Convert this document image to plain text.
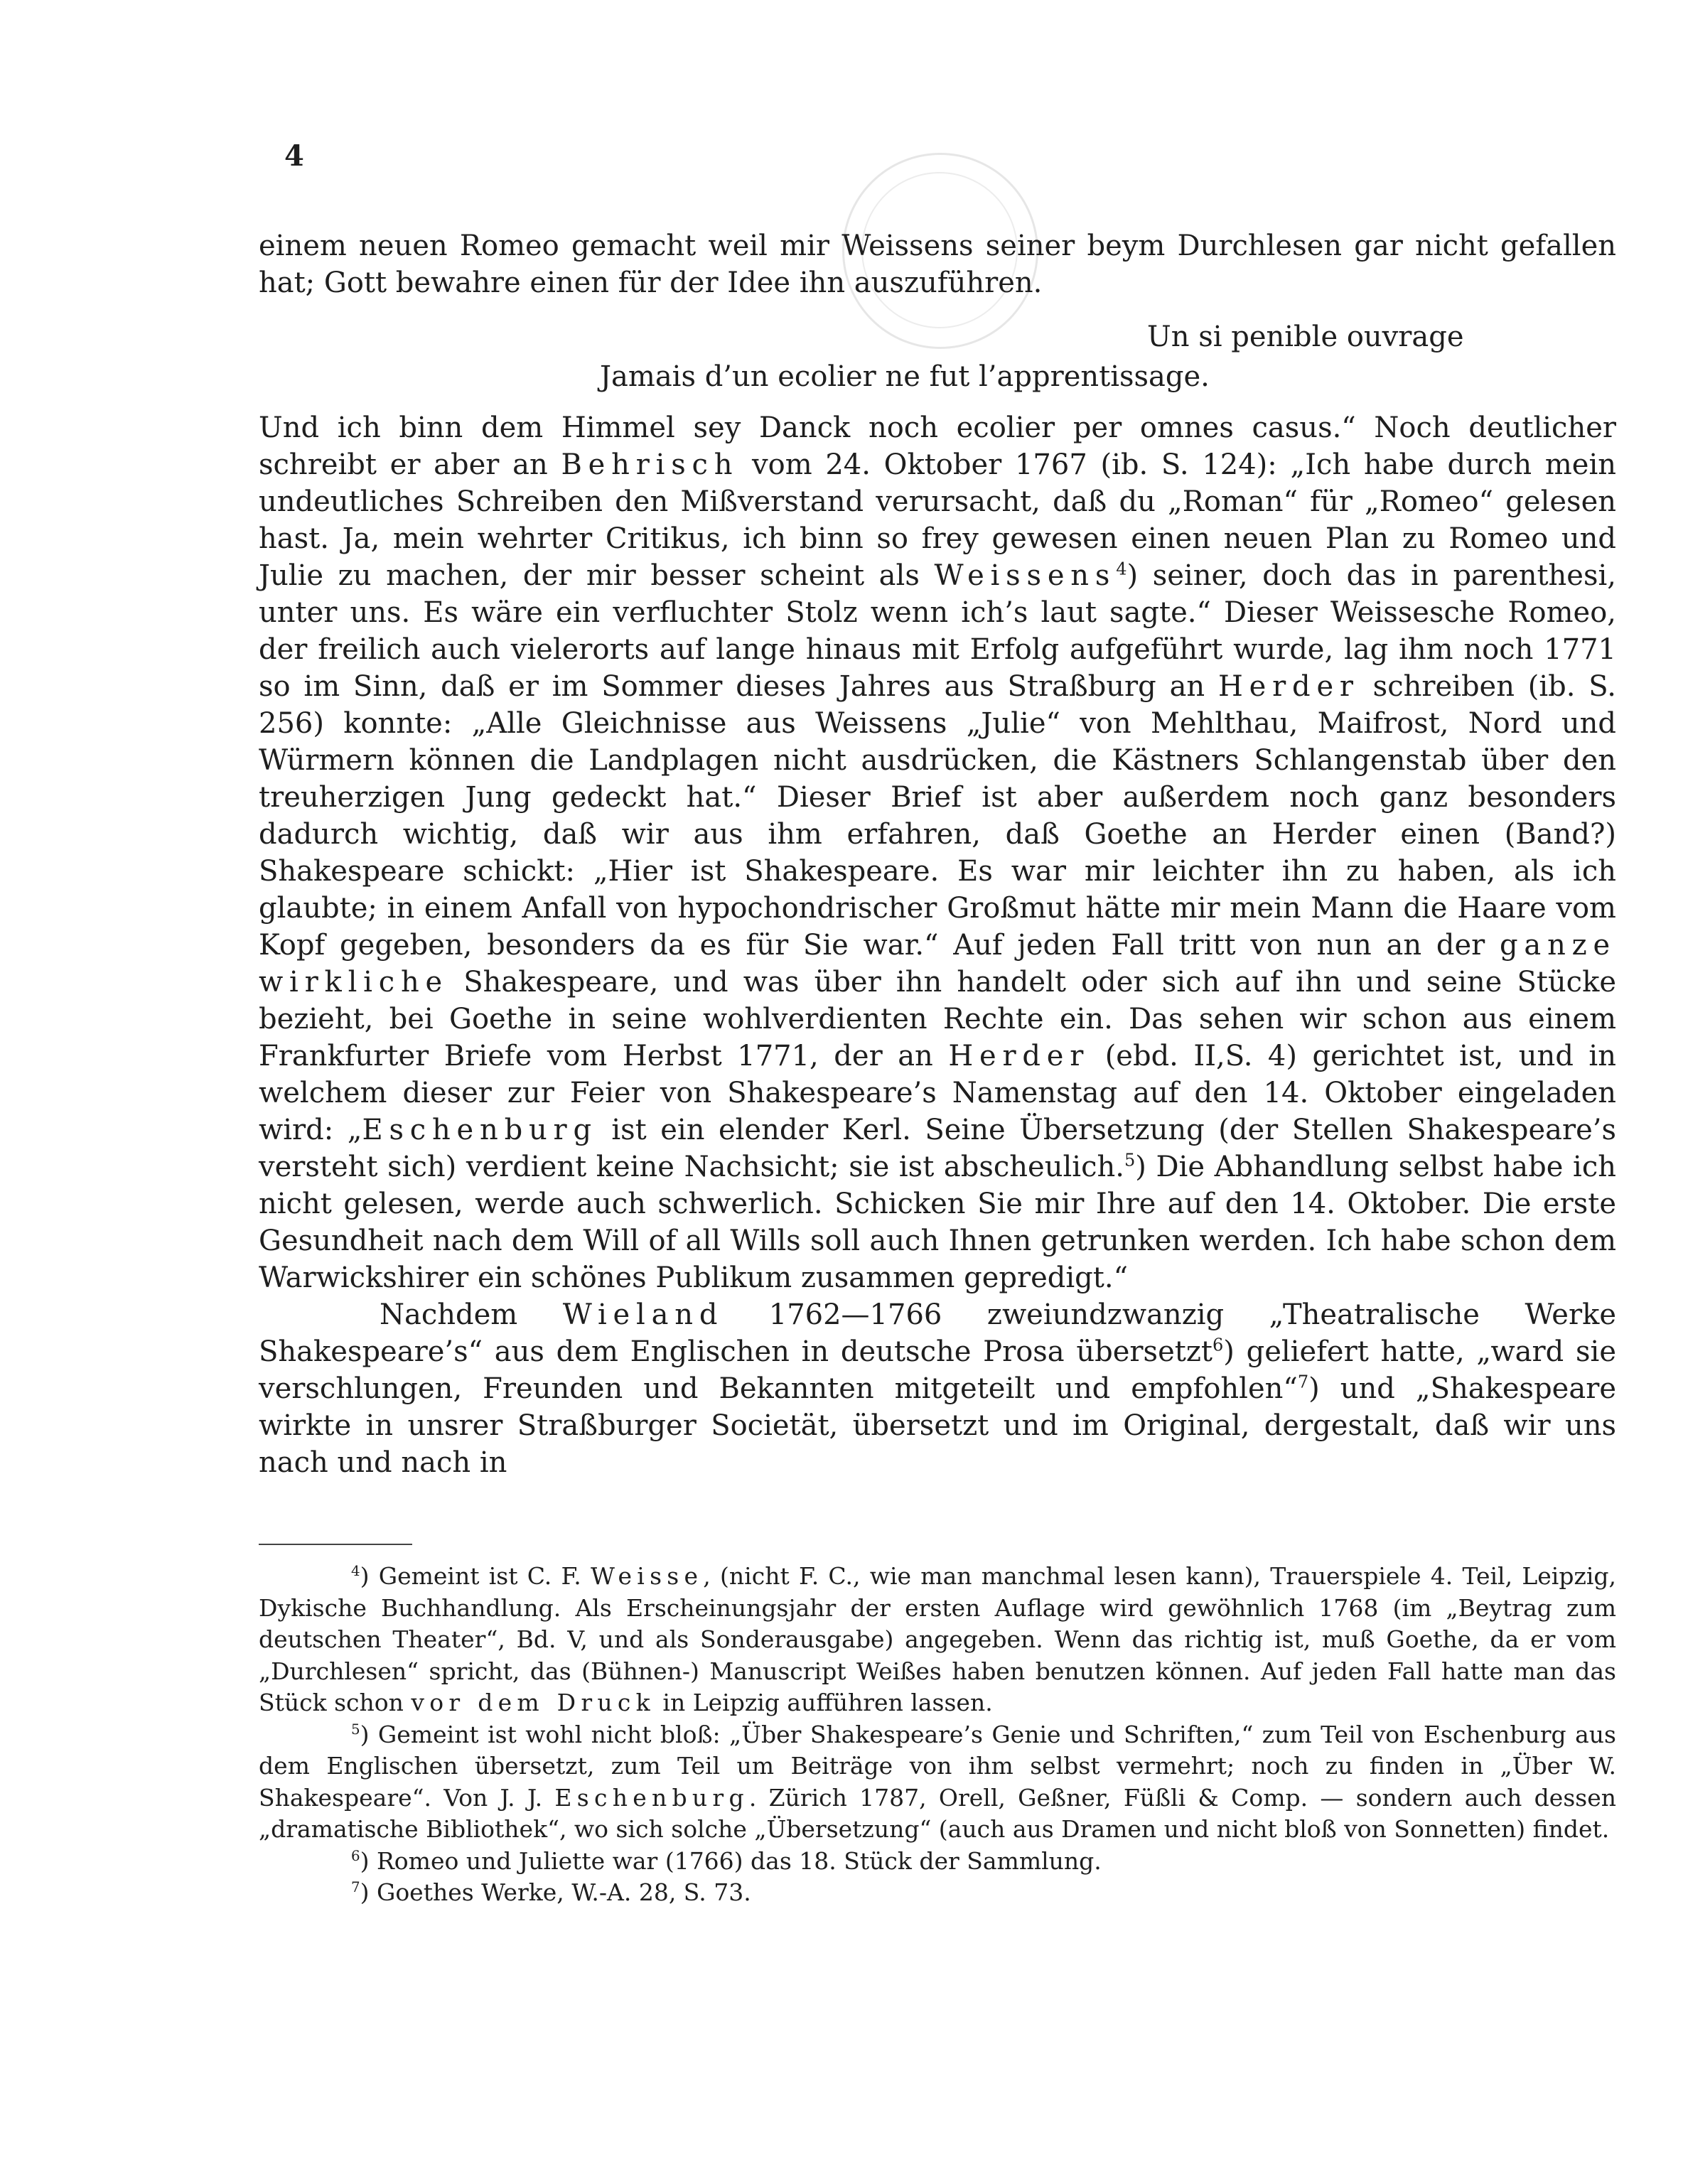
4

einem neuen Romeo gemacht weil mir Weissens seiner beym Durchlesen gar nicht gefallen hat; Gott bewahre einen für der Idee ihn auszuführen.

Un si penible ouvrage
Jamais d’un ecolier ne fut l’apprentissage.

Und ich binn dem Himmel sey Danck noch ecolier per omnes casus.“ Noch deutlicher schreibt er aber an Behrisch vom 24. Oktober 1767 (ib. S. 124): „Ich habe durch mein undeutliches Schreiben den Mißverstand verursacht, daß du „Roman“ für „Romeo“ gelesen hast. Ja, mein wehrter Critikus, ich binn so frey gewesen einen neuen Plan zu Romeo und Julie zu machen, der mir besser scheint als Weissens$^4$) seiner, doch das in parenthesi, unter uns. Es wäre ein verfluchter Stolz wenn ich’s laut sagte.“ Dieser Weissesche Romeo, der freilich auch vielerorts auf lange hinaus mit Erfolg aufgeführt wurde, lag ihm noch 1771 so im Sinn, daß er im Sommer dieses Jahres aus Straßburg an Herder schreiben (ib. S. 256) konnte: „Alle Gleichnisse aus Weissens „Julie“ von Mehlthau, Maifrost, Nord und Würmern können die Landplagen nicht ausdrücken, die Kästners Schlangenstab über den treuherzigen Jung gedeckt hat.“ Dieser Brief ist aber außerdem noch ganz besonders dadurch wichtig, daß wir aus ihm erfahren, daß Goethe an Herder einen (Band?) Shakespeare schickt: „Hier ist Shakespeare. Es war mir leichter ihn zu haben, als ich glaubte; in einem Anfall von hypochondrischer Großmut hätte mir mein Mann die Haare vom Kopf gegeben, besonders da es für Sie war.“ Auf jeden Fall tritt von nun an der ganze wirkliche Shakespeare, und was über ihn handelt oder sich auf ihn und seine Stücke bezieht, bei Goethe in seine wohlverdienten Rechte ein. Das sehen wir schon aus einem Frankfurter Briefe vom Herbst 1771, der an Herder (ebd. II,S. 4) gerichtet ist, und in welchem dieser zur Feier von Shakespeare’s Namenstag auf den 14. Oktober eingeladen wird: „Eschenburg ist ein elender Kerl. Seine Übersetzung (der Stellen Shakespeare’s versteht sich) verdient keine Nachsicht; sie ist abscheulich.$^5$) Die Abhandlung selbst habe ich nicht gelesen, werde auch schwerlich. Schicken Sie mir Ihre auf den 14. Oktober. Die erste Gesundheit nach dem Will of all Wills soll auch Ihnen getrunken werden. Ich habe schon dem Warwickshirer ein schönes Publikum zusammen gepredigt.“

Nachdem Wieland 1762—1766 zweiundzwanzig „Theatralische Werke Shakespeare’s“ aus dem Englischen in deutsche Prosa übersetzt$^6$) geliefert hatte, „ward sie verschlungen, Freunden und Bekannten mitgeteilt und empfohlen“$^7$) und „Shakespeare wirkte in unsrer Straßburger Societät, übersetzt und im Original, dergestalt, daß wir uns nach und nach in

$^4$) Gemeint ist C. F. Weisse, (nicht F. C., wie man manchmal lesen kann), Trauerspiele 4. Teil, Leipzig, Dykische Buchhandlung. Als Erscheinungsjahr der ersten Auflage wird gewöhnlich 1768 (im „Beytrag zum deutschen Theater“, Bd. V, und als Sonderausgabe) angegeben. Wenn das richtig ist, muß Goethe, da er vom „Durchlesen“ spricht, das (Bühnen-) Manuscript Weißes haben benutzen können. Auf jeden Fall hatte man das Stück schon vor dem Druck in Leipzig aufführen lassen.

$^5$) Gemeint ist wohl nicht bloß: „Über Shakespeare’s Genie und Schriften,“ zum Teil von Eschenburg aus dem Englischen übersetzt, zum Teil um Beiträge von ihm selbst vermehrt; noch zu finden in „Über W. Shakespeare“. Von J. J. Eschenburg. Zürich 1787, Orell, Geßner, Füßli & Comp. — sondern auch dessen „dramatische Bibliothek“, wo sich solche „Übersetzung“ (auch aus Dramen und nicht bloß von Sonnetten) findet.

$^6$) Romeo und Juliette war (1766) das 18. Stück der Sammlung.

$^7$) Goethes Werke, W.-A. 28, S. 73.
